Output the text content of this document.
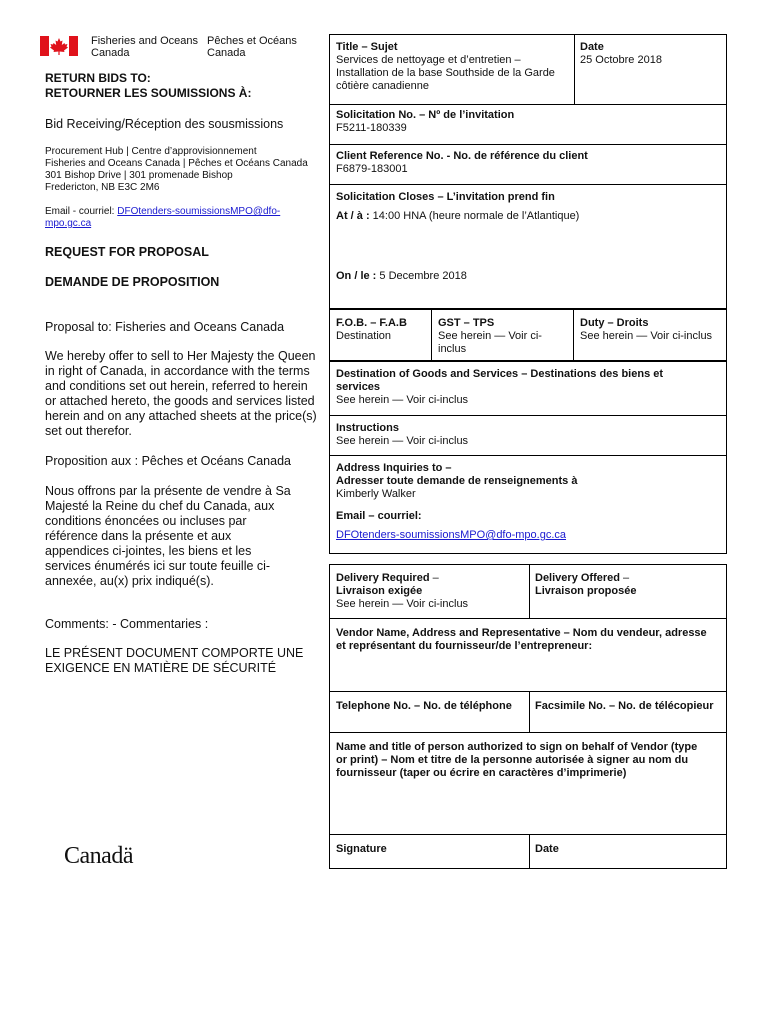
Fisheries and Oceans
Canada
Pêches et Océans
Canada
RETURN BIDS TO:
RETOURNER LES SOUMISSIONS À:
Bid Receiving/Réception des sousmissions
Procurement Hub | Centre d’approvisionnement
Fisheries and Oceans Canada | Pêches et Océans Canada
301 Bishop Drive | 301 promenade Bishop
Fredericton, NB E3C 2M6
Email - courriel: DFOtenders-soumissionsMPO@dfo-
mpo.gc.ca
REQUEST FOR PROPOSAL
DEMANDE DE PROPOSITION
Proposal to: Fisheries and Oceans Canada
We hereby offer to sell to Her Majesty the Queen
in right of Canada, in accordance with the terms
and conditions set out herein, referred to herein
or attached hereto, the goods and services listed
herein and on any attached sheets at the price(s)
set out therefor.
Proposition aux : Pêches et Océans Canada
Nous offrons par la présente de vendre à Sa
Majesté la Reine du chef du Canada, aux
conditions énoncées ou incluses par
référence dans la présente et aux
appendices ci-jointes, les biens et les
services énumérés ici sur toute feuille ci-
annexée, au(x) prix indiqué(s).
Comments: - Commentaries :
LE PRÉSENT DOCUMENT COMPORTE UNE
EXIGENCE EN MATIÈRE DE SÉCURITÉ
Canadä
Title – Sujet
Services de nettoyage et d’entretien –
Installation de la base Southside de la Garde
côtière canadienne
Date
25 Octobre 2018
Solicitation No. – Nº de l’invitation
F5211-180339
Client Reference No. - No. de référence du client
F6879-183001
Solicitation Closes – L’invitation prend fin
At / à : 14:00 HNA (heure normale de l’Atlantique)
On / le : 5 Decembre 2018
F.O.B. – F.A.B
Destination
GST – TPS
See herein — Voir ci-
inclus
Duty – Droits
See herein — Voir ci-inclus
Destination of Goods and Services – Destinations des biens et
services
See herein — Voir ci-inclus
Instructions
See herein — Voir ci-inclus
Address Inquiries to –
Adresser toute demande de renseignements à
Kimberly Walker
Email – courriel:
DFOtenders-soumissionsMPO@dfo-mpo.gc.ca
Delivery Required –
Livraison exigée
See herein — Voir ci-inclus
Delivery Offered –
Livraison proposée
Vendor Name, Address and Representative – Nom du vendeur, adresse
et représentant du fournisseur/de l’entrepreneur:
Telephone No. – No. de téléphone Facsimile No. – No. de télécopieur
Name and title of person authorized to sign on behalf of Vendor (type
or print) – Nom et titre de la personne autorisée à signer au nom du
fournisseur (taper ou écrire en caractères d’imprimerie)
Signature	Date
